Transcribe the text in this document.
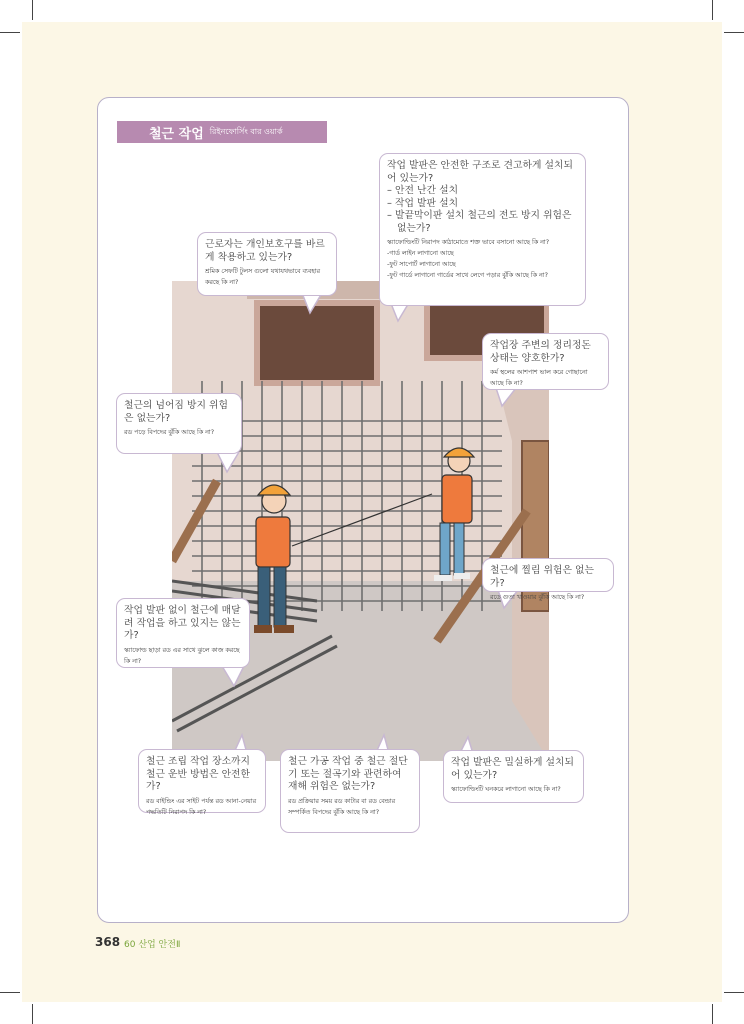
철근 작업 রিইনফোর্সিং বার ওয়ার্ক
근로자는 개인보호구를 바르게 착용하고 있는가?
শ্রমিক সেফটি টুলস গুলো যথাযথভাবে ব্যবহার করছে কি না?
작업 발판은 안전한 구조로 견고하게 설치되어 있는가?
– 안전 난간 설치
– 작업 발판 설치
– 발끝막이판 설치 철근의 전도 방지 위험은 없는가?
স্ক্যাফোল্ডিংটি নিরাপদ কাঠামোতে শক্ত ভাবে বসানো আছে কি না?
-গার্ড লাইন লাগানো আছে
-ফুট সাপোর্ট লাগানো আছে
-ফুট গার্ডে লাগানো গার্ডের সাথে লেগে পড়ার ঝুঁকি আছে কি না?
작업장 주변의 정리정돈 상태는 양호한가?
কর্ম স্থলের আশপাশ ভাল করে গোছানো আছে কি না?
철근의 넘어짐 방지 위험은 없는가?
রড পড়ে বিপদের ঝুঁকি আছে কি না?
철근에 찔림 위험은 없는가?
রডে গুতা খাওয়ার ঝুঁকি আছে কি না?
작업 발판 없이 철근에 매달려 작업을 하고 있지는 않는가?
স্ক্যাফোল্ড ছাড়া রড এর সাথে ঝুলে কাজ করছে কি না?
철근 조립 작업 장소까지 철근 운반 방법은 안전한가?
রড বাইন্ডিং এর সাইট পর্যন্ত রড আনা-নেয়ার পদ্ধতিটি নিরাপদ কি না?
철근 가공 작업 중 철근 절단기 또는 절곡기와 관련하여 재해 위험은 없는가?
রড প্রক্রিয়ার সময় রড কাটার বা রড বেন্ডার সম্পর্কিত বিপদের ঝুঁকি আছে কি না?
작업 발판은 밀실하게 설치되어 있는가?
স্ক্যাফোল্ডিংটি ঘনকরে লাগানো আছে কি না?
368 60 산업 안전Ⅱ
